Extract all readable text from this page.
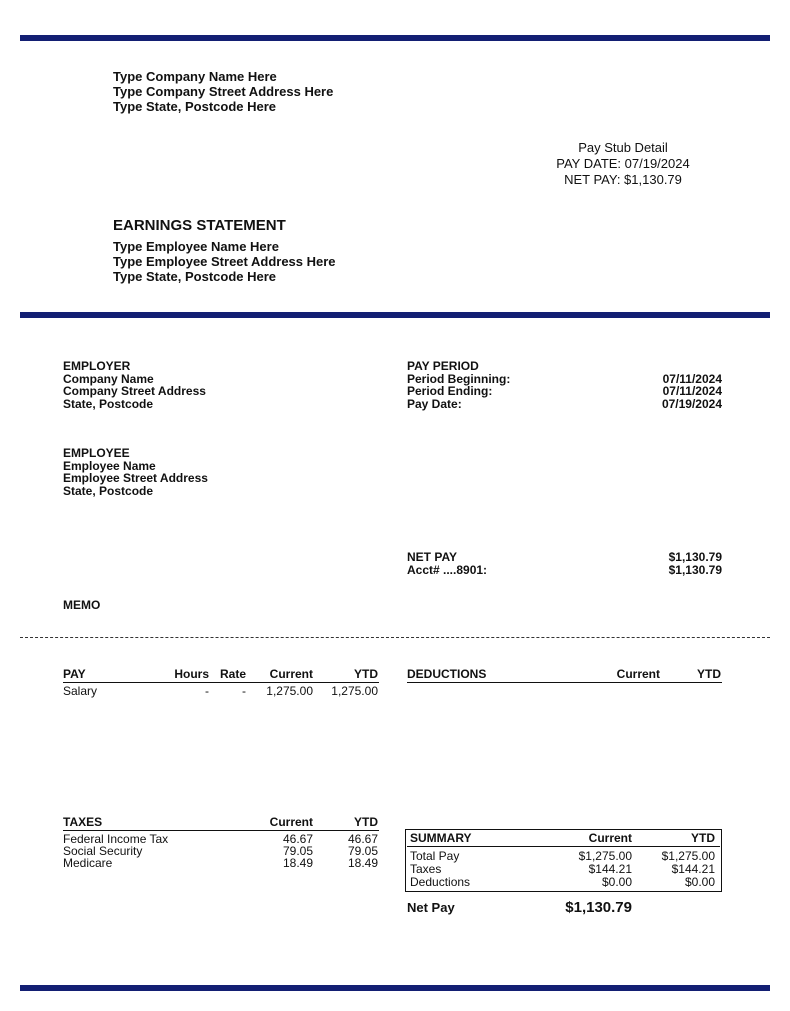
Type Company Name Here
Type Company Street Address Here
Type State, Postcode Here
Pay Stub Detail
PAY DATE: 07/19/2024
NET PAY: $1,130.79
EARNINGS STATEMENT
Type Employee Name Here
Type Employee Street Address Here
Type State, Postcode Here
EMPLOYER
Company Name
Company Street Address
State, Postcode
PAY PERIOD
Period Beginning:	07/11/2024
Period Ending:	07/11/2024
Pay Date:	07/19/2024
EMPLOYEE
Employee Name
Employee Street Address
State, Postcode
NET PAY	$1,130.79
Acct# ....8901:	$1,130.79
MEMO
PAY	Hours Rate Current	YTD
Salary	-	- 1,275.00 1,275.00
DEDUCTIONS	Current	YTD
TAXES	Current	YTD
Federal Income Tax	46.67	46.67
Social Security	79.05	79.05
Medicare	18.49	18.49
SUMMARY	Current	YTD
Total Pay	$1,275.00 $1,275.00
Taxes	$144.21	$144.21
Deductions	$0.00	$0.00
Net Pay	$1,130.79
